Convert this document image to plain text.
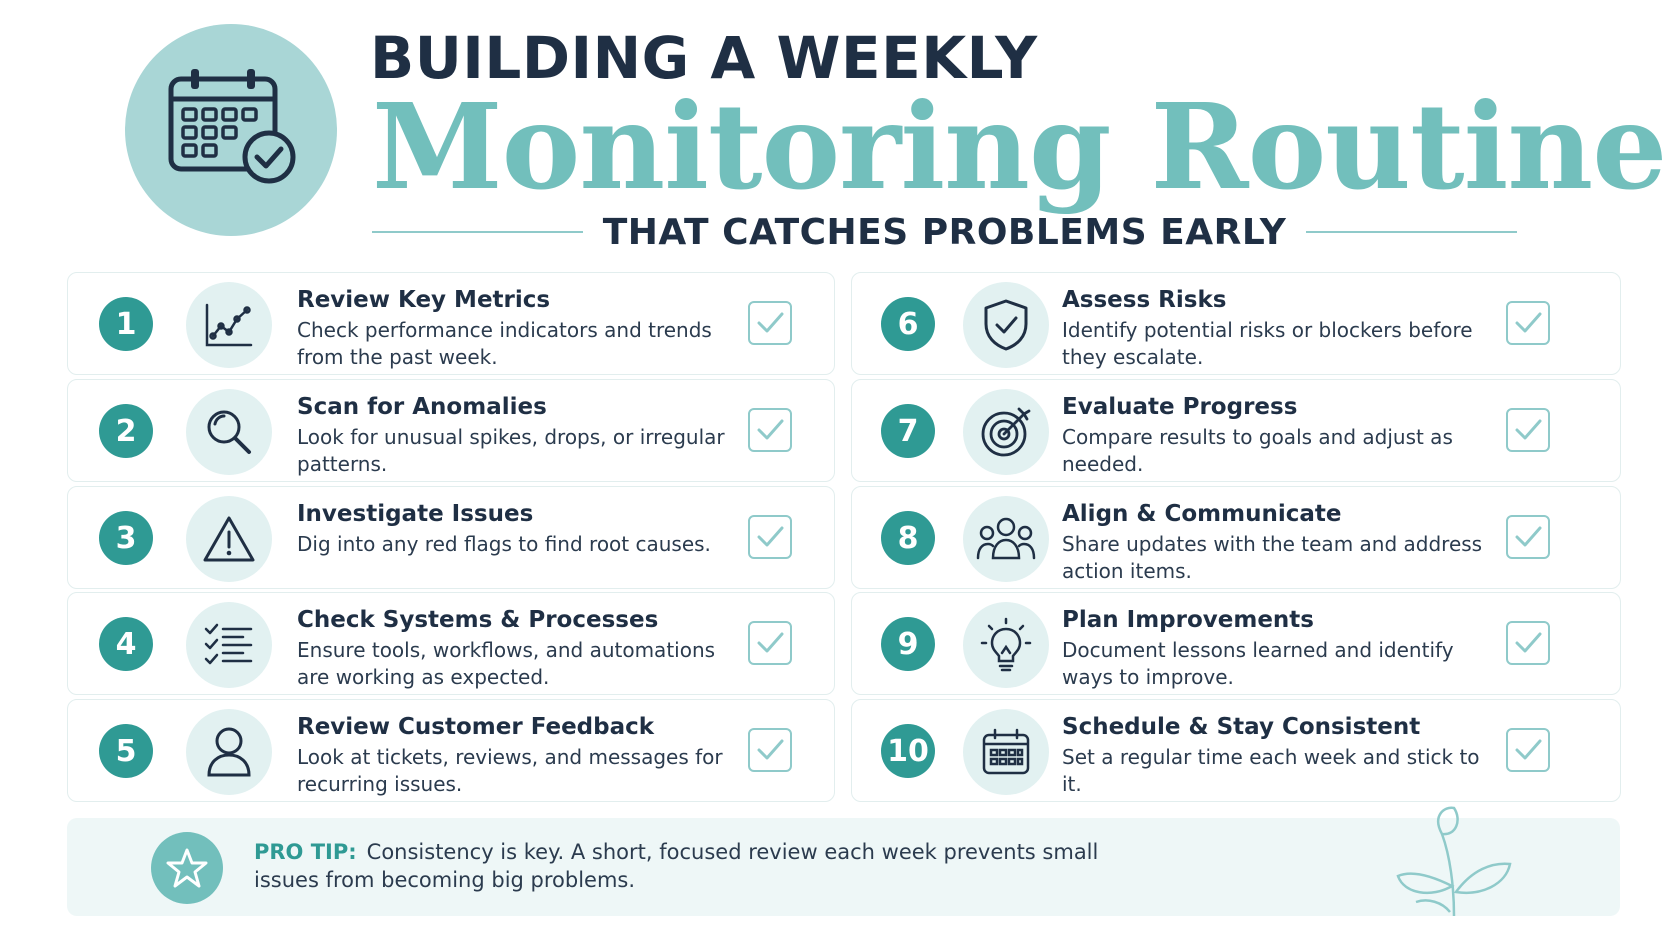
BUILDING A WEEKLY
Monitoring Routine
THAT CATCHES PROBLEMS EARLY
1
Review Key Metrics
Check performance indicators and trends from the past week.
2
Scan for Anomalies
Look for unusual spikes, drops, or irregular patterns.
3
Investigate Issues
Dig into any red flags to find root causes.
4
Check Systems & Processes
Ensure tools, workflows, and automations are working as expected.
5
Review Customer Feedback
Look at tickets, reviews, and messages for recurring issues.
6
Assess Risks
Identify potential risks or blockers before they escalate.
7
Evaluate Progress
Compare results to goals and adjust as needed.
8
Align & Communicate
Share updates with the team and address action items.
9
Plan Improvements
Document lessons learned and identify ways to improve.
10
Schedule & Stay Consistent
Set a regular time each week and stick to it.
PRO TIP: Consistency is key. A short, focused review each week prevents small issues from becoming big problems.
